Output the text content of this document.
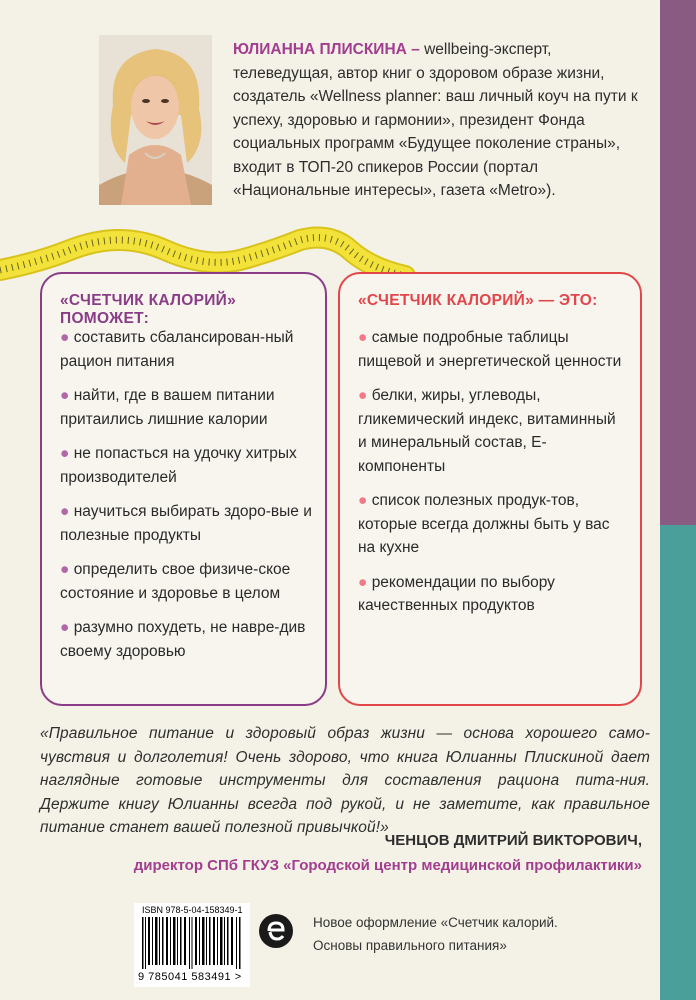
ЮЛИАННА ПЛИСКИНА – wellbeing-эксперт, телеведущая, автор книг о здоровом образе жизни, создатель «Wellness planner: ваш личный коуч на пути к успеху, здоровью и гармонии», президент Фонда социальных программ «Будущее поколение страны», входит в ТОП-20 спикеров России (портал «Национальные интересы», газета «Metro»).
«СЧЕТЧИК КАЛОРИЙ» ПОМОЖЕТ:
● составить сбалансирован-ный рацион питания
● найти, где в вашем питании притаились лишние калории
● не попасться на удочку хитрых производителей
● научиться выбирать здоро-вые и полезные продукты
● определить свое физиче-ское состояние и здоровье в целом
● разумно похудеть, не навре-див своему здоровью
«СЧЕТЧИК КАЛОРИЙ» — ЭТО:
● самые подробные таблицы пищевой и энергетической ценности
● белки, жиры, углеводы, гликемический индекс, витаминный и минеральный состав, Е-компоненты
● список полезных продук-тов, которые всегда должны быть у вас на кухне
● рекомендации по выбору качественных продуктов
«Правильное питание и здоровый образ жизни — основа хорошего само-чувствия и долголетия! Очень здорово, что книга Юлианны Плискиной дает наглядные готовые инструменты для составления рациона пита-ния. Держите книгу Юлианны всегда под рукой, и не заметите, как правильное питание станет вашей полезной привычкой!»
ЧЕНЦОВ ДМИТРИЙ ВИКТОРОВИЧ,
директор СПб ГКУЗ «Городской центр медицинской профилактики»
ISBN 978-5-04-158349-1
9 785041 583491 >
Новое оформление «Счетчик калорий.
Основы правильного питания»
